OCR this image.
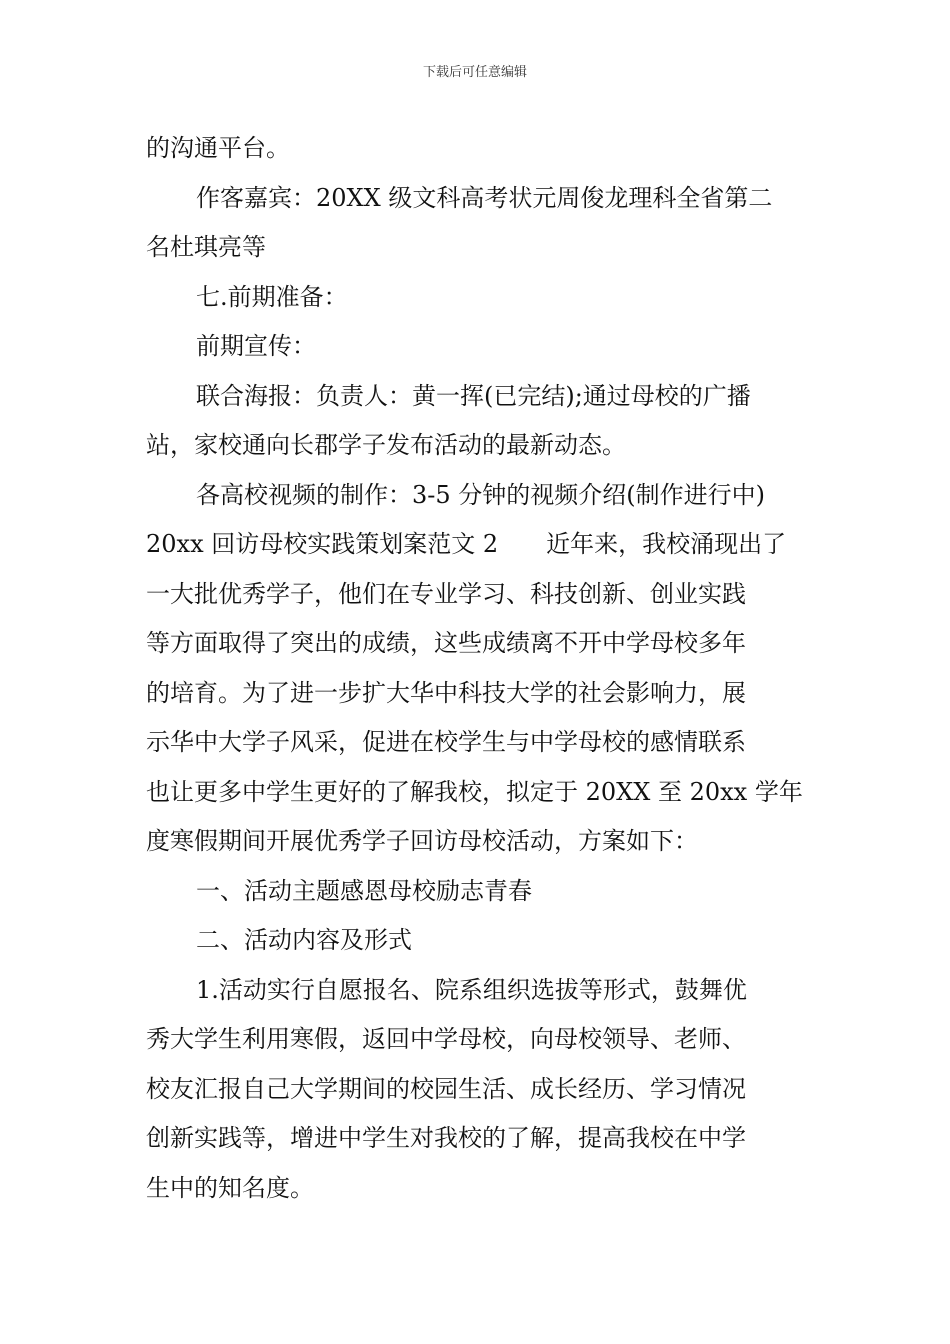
下载后可任意编辑
的沟通平台。
作客嘉宾：20XX 级文科高考状元周俊龙理科全省第二
名杜琪亮等
七.前期准备：
前期宣传：
联合海报：负责人：黄一挥(已完结);通过母校的广播
站，家校通向长郡学子发布活动的最新动态。
各高校视频的制作：3-5 分钟的视频介绍(制作进行中)
20xx 回访母校实践策划案范文 2 近年来，我校涌现出了
一大批优秀学子，他们在专业学习、科技创新、创业实践
等方面取得了突出的成绩，这些成绩离不开中学母校多年
的培育。为了进一步扩大华中科技大学的社会影响力，展
示华中大学子风采，促进在校学生与中学母校的感情联系
也让更多中学生更好的了解我校，拟定于 20XX 至 20xx 学年
度寒假期间开展优秀学子回访母校活动，方案如下：
一、活动主题感恩母校励志青春
二、活动内容及形式
1.活动实行自愿报名、院系组织选拔等形式，鼓舞优
秀大学生利用寒假，返回中学母校，向母校领导、老师、
校友汇报自己大学期间的校园生活、成长经历、学习情况
创新实践等，增进中学生对我校的了解，提高我校在中学
生中的知名度。
